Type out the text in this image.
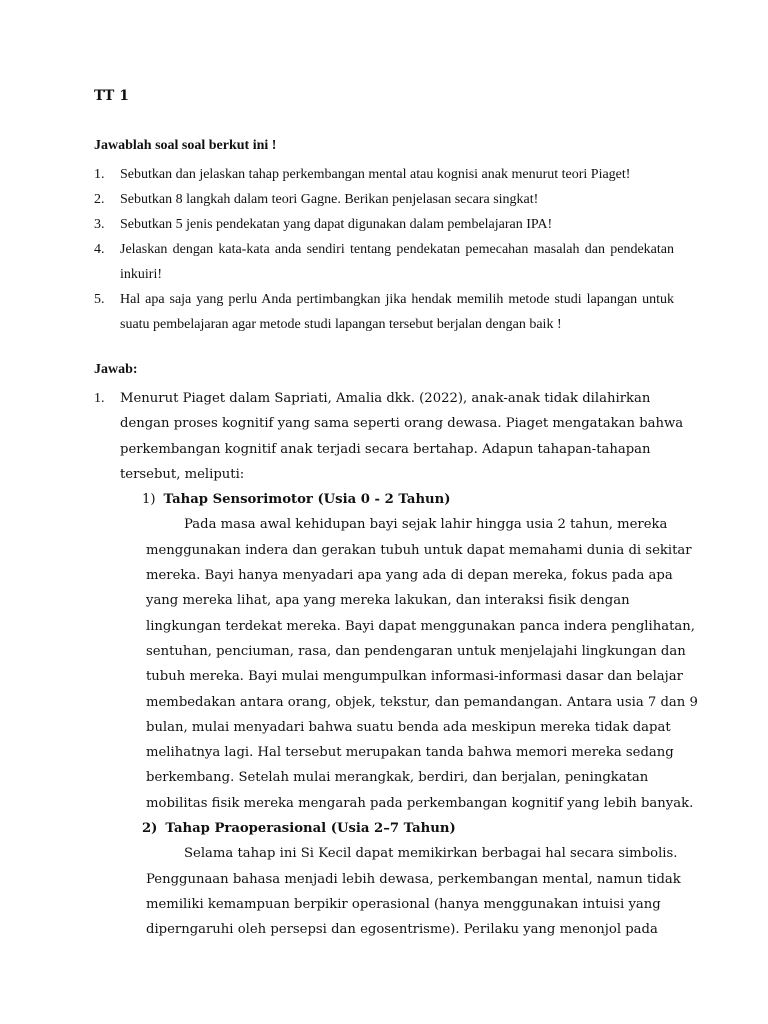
TT 1
Jawablah soal soal berkut ini !
1.	Sebutkan dan jelaskan tahap perkembangan mental atau kognisi anak menurut teori Piaget!
2.	Sebutkan 8 langkah dalam teori Gagne. Berikan penjelasan secara singkat!
3.	Sebutkan 5 jenis pendekatan yang dapat digunakan dalam pembelajaran IPA!
4.	Jelaskan dengan kata-kata anda sendiri tentang pendekatan pemecahan masalah dan pendekatan inkuiri!
5.	Hal apa saja yang perlu Anda pertimbangkan jika hendak memilih metode studi lapangan untuk suatu pembelajaran agar metode studi lapangan tersebut berjalan dengan baik !
Jawab:
1.	Menurut Piaget dalam Sapriati, Amalia dkk. (2022), anak-anak tidak dilahirkan
dengan proses kognitif yang sama seperti orang dewasa. Piaget mengatakan bahwa
perkembangan kognitif anak terjadi secara bertahap. Adapun tahapan-tahapan
tersebut, meliputi:
1) Tahap Sensorimotor (Usia 0 - 2 Tahun)
Pada masa awal kehidupan bayi sejak lahir hingga usia 2 tahun, mereka
menggunakan indera dan gerakan tubuh untuk dapat memahami dunia di sekitar
mereka. Bayi hanya menyadari apa yang ada di depan mereka, fokus pada apa
yang mereka lihat, apa yang mereka lakukan, dan interaksi fisik dengan
lingkungan terdekat mereka. Bayi dapat menggunakan panca indera penglihatan,
sentuhan, penciuman, rasa, dan pendengaran untuk menjelajahi lingkungan dan
tubuh mereka. Bayi mulai mengumpulkan informasi-informasi dasar dan belajar
membedakan antara orang, objek, tekstur, dan pemandangan. Antara usia 7 dan 9
bulan, mulai menyadari bahwa suatu benda ada meskipun mereka tidak dapat
melihatnya lagi. Hal tersebut merupakan tanda bahwa memori mereka sedang
berkembang. Setelah mulai merangkak, berdiri, dan berjalan, peningkatan
mobilitas fisik mereka mengarah pada perkembangan kognitif yang lebih banyak.
2) Tahap Praoperasional (Usia 2–7 Tahun)
Selama tahap ini Si Kecil dapat memikirkan berbagai hal secara simbolis.
Penggunaan bahasa menjadi lebih dewasa, perkembangan mental, namun tidak
memiliki kemampuan berpikir operasional (hanya menggunakan intuisi yang
diperngaruhi oleh persepsi dan egosentrisme). Perilaku yang menonjol pada
